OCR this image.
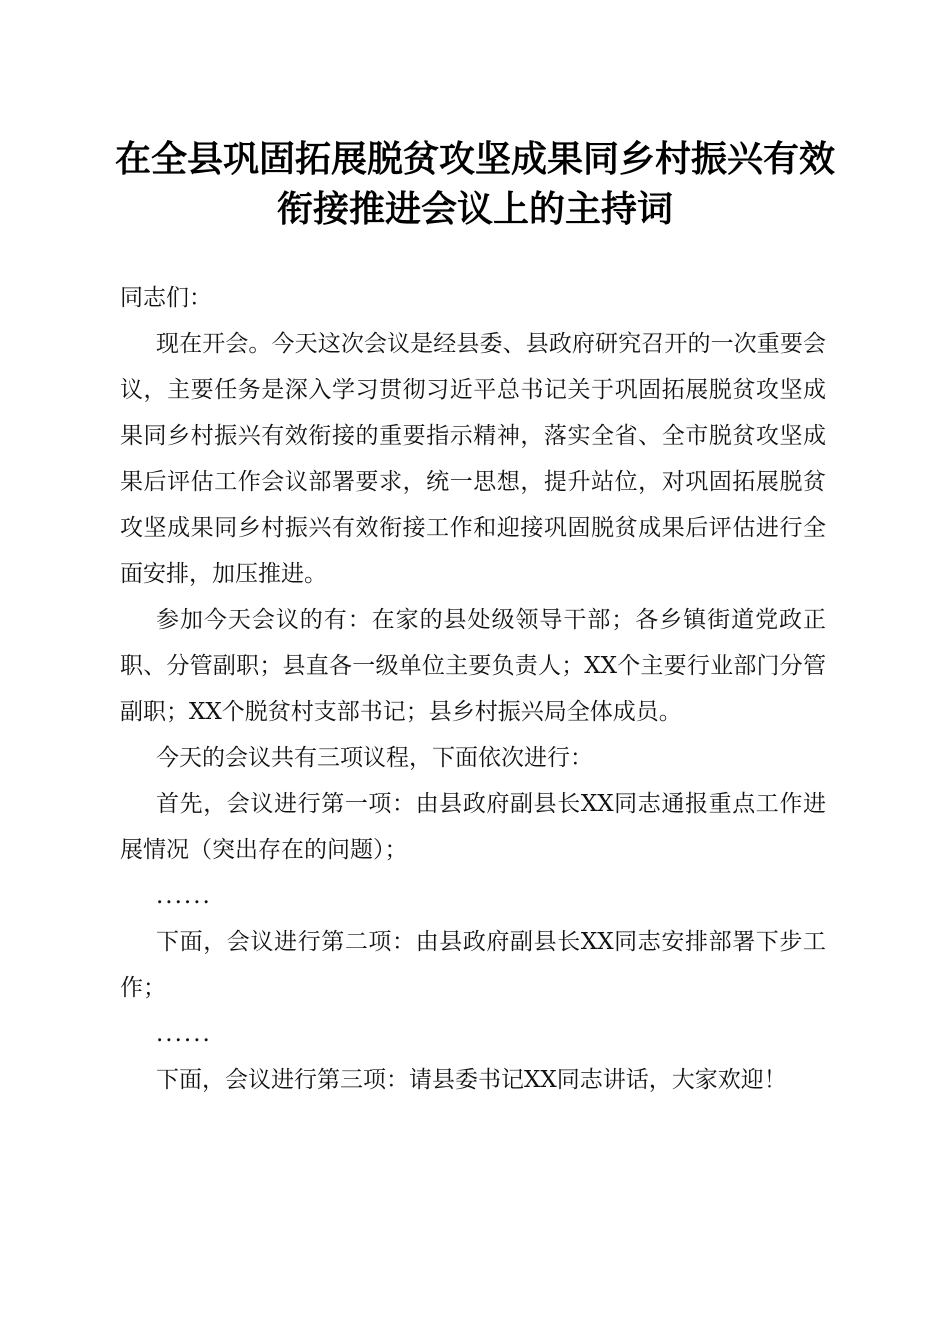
在全县巩固拓展脱贫攻坚成果同乡村振兴有效
衔接推进会议上的主持词

同志们：

现在开会。今天这次会议是经县委、县政府研究召开的一次重要会议，主要任务是深入学习贯彻习近平总书记关于巩固拓展脱贫攻坚成果同乡村振兴有效衔接的重要指示精神，落实全省、全市脱贫攻坚成果后评估工作会议部署要求，统一思想，提升站位，对巩固拓展脱贫攻坚成果同乡村振兴有效衔接工作和迎接巩固脱贫成果后评估进行全面安排，加压推进。

参加今天会议的有：在家的县处级领导干部；各乡镇街道党政正职、分管副职；县直各一级单位主要负责人；XX个主要行业部门分管副职；XX个脱贫村支部书记；县乡村振兴局全体成员。

今天的会议共有三项议程，下面依次进行：

首先，会议进行第一项：由县政府副县长XX同志通报重点工作进展情况（突出存在的问题）；

......

下面，会议进行第二项：由县政府副县长XX同志安排部署下步工作；

......

下面，会议进行第三项：请县委书记XX同志讲话，大家欢迎！
